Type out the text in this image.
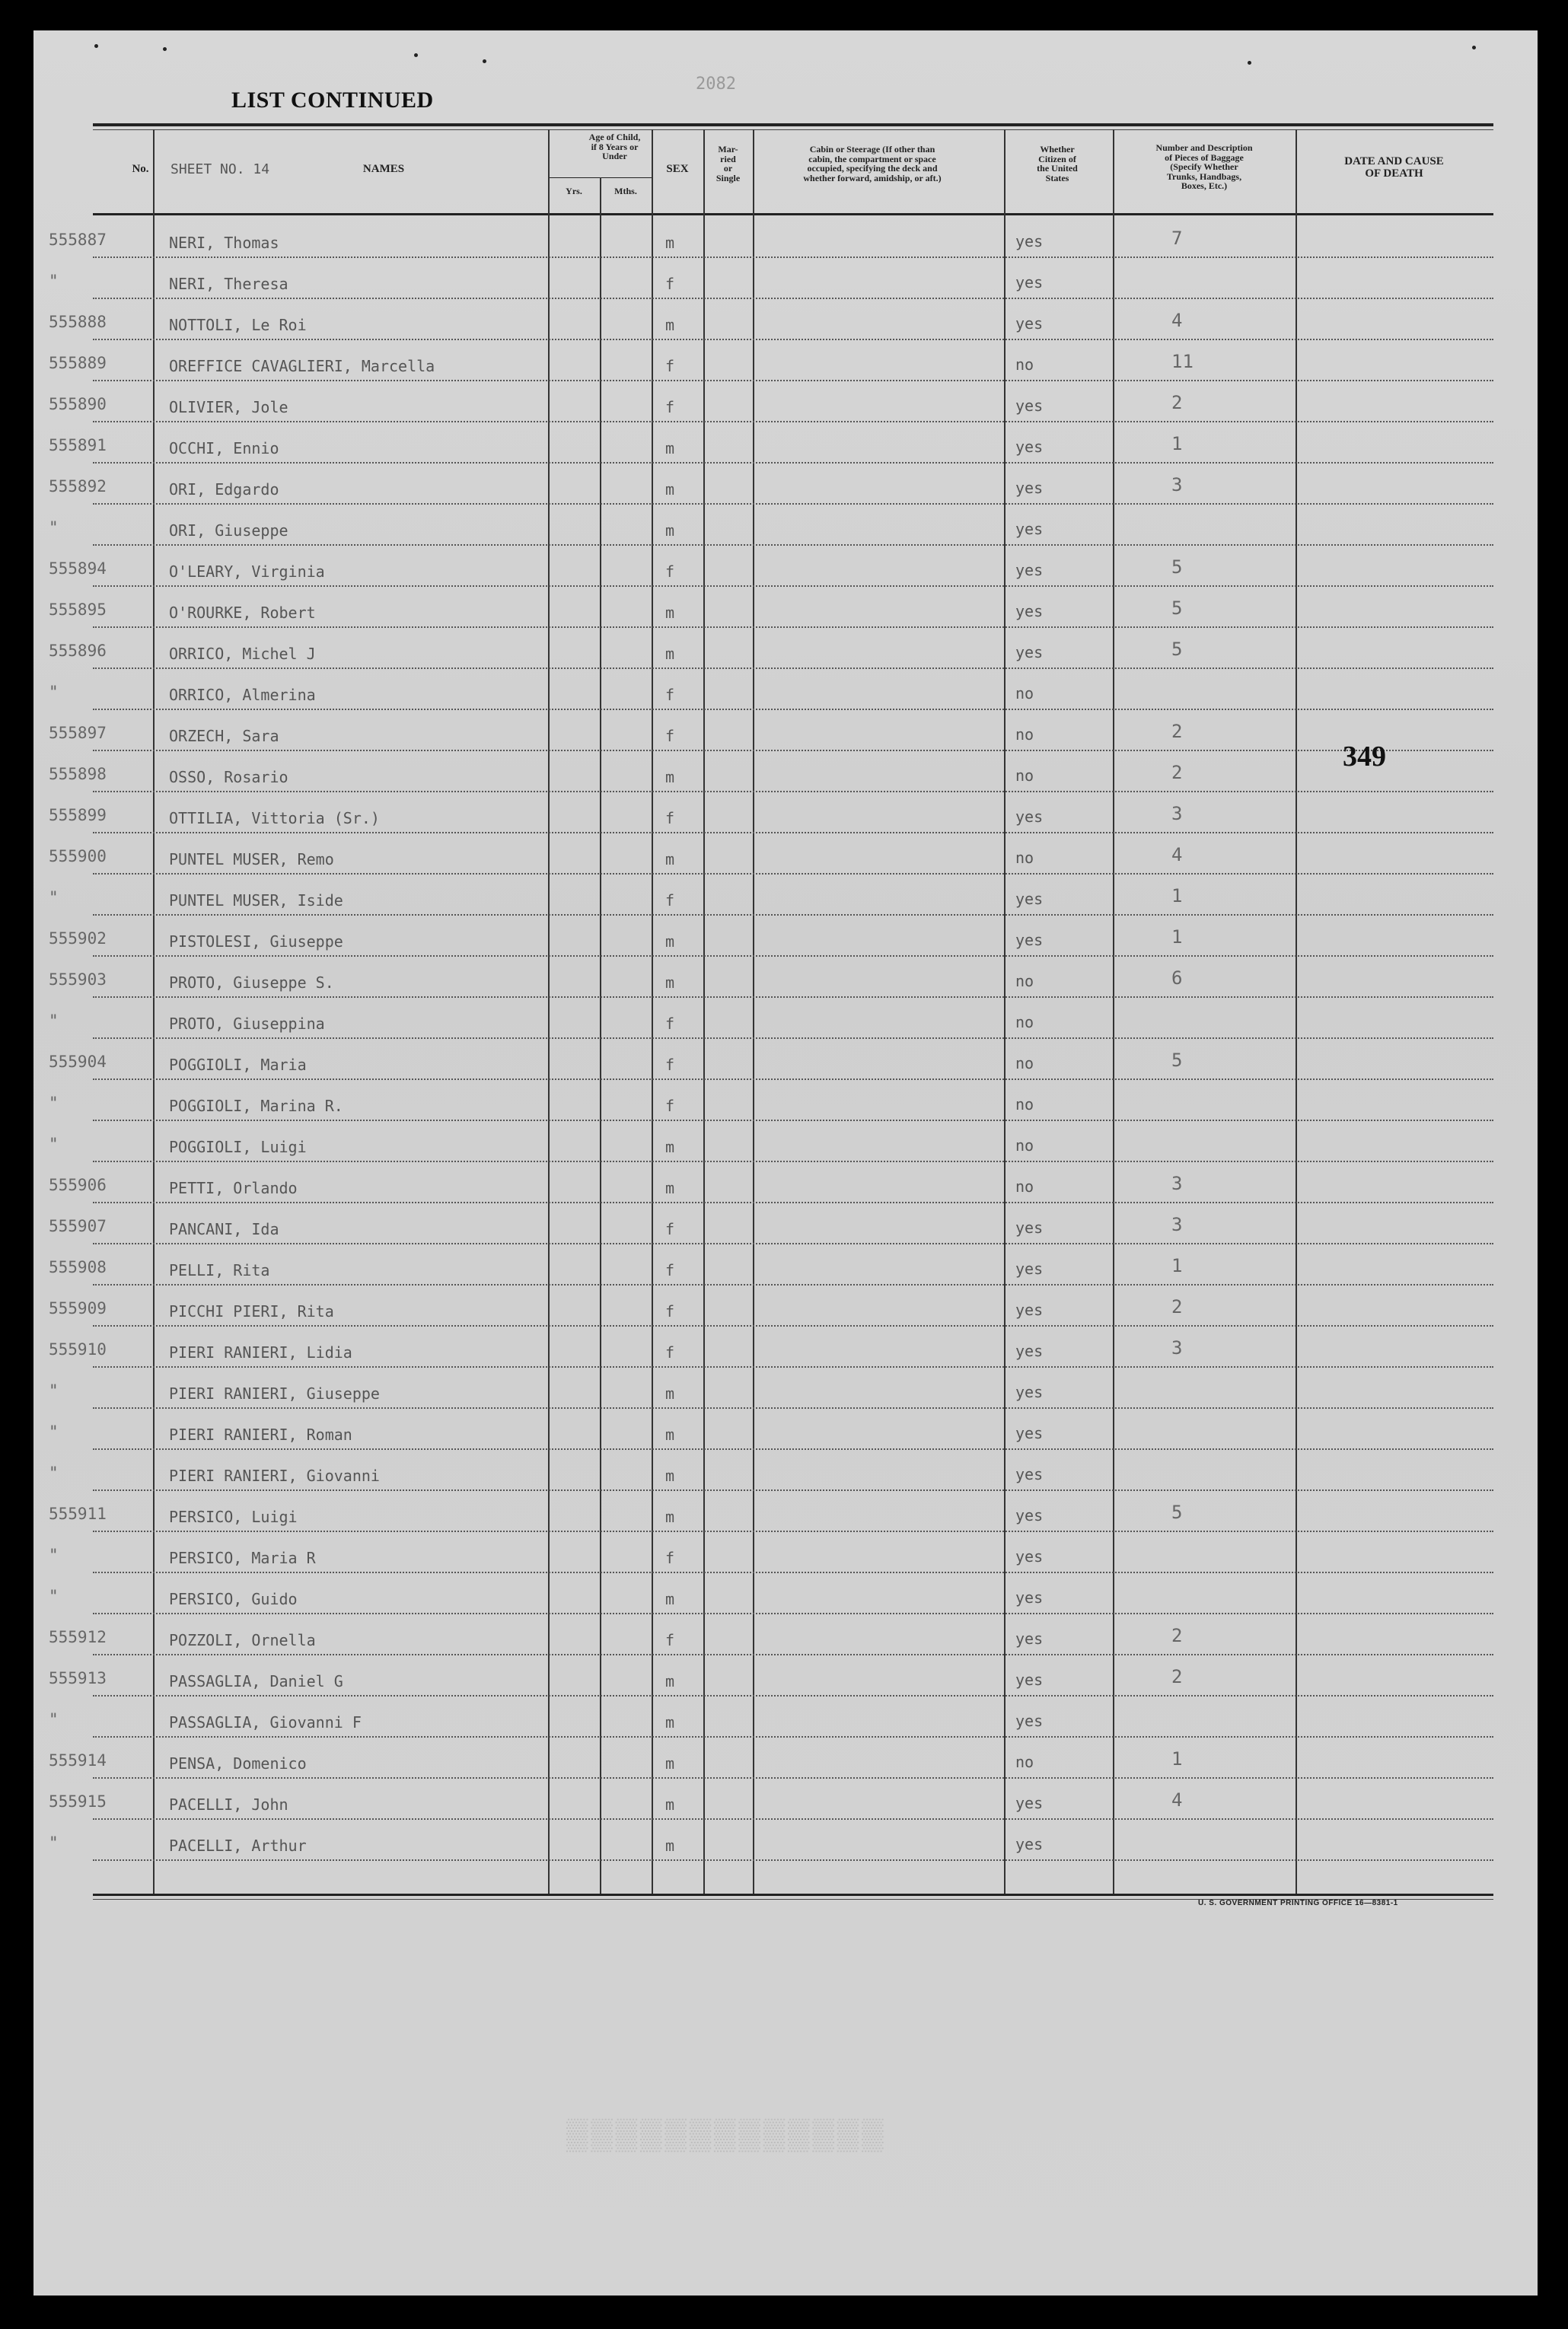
LIST CONTINUED
2082
No.	SHEET NO. 14	NAMES
Age of Child,
if 8 Years or
Under
Yrs.	Mths.
SEX
Mar-
ried
or
Single
Cabin or Steerage (If other than
cabin, the compartment or space
occupied, specifying the deck and
whether forward, amidship, or aft.)
Whether
Citizen of
the United
States
Number and Description
of Pieces of Baggage
(Specify Whether
Trunks, Handbags,
Boxes, Etc.)
DATE AND CAUSE
OF DEATH
555887	NERI, Thomas	m	yes	7
"	NERI, Theresa	f	yes
555888	NOTTOLI, Le Roi	m	yes	4
555889	OREFFICE CAVAGLIERI, Marcella	f	no	11
555890	OLIVIER, Jole	f	yes	2
555891	OCCHI, Ennio	m	yes	1
555892	ORI, Edgardo	m	yes	3
"	ORI, Giuseppe	m	yes
555894	O'LEARY, Virginia	f	yes	5
555895	O'ROURKE, Robert	m	yes	5
555896	ORRICO, Michel J	m	yes	5
"	ORRICO, Almerina	f	no
555897	ORZECH, Sara	f	no	2
555898	OSSO, Rosario	m	no	2
555899	OTTILIA, Vittoria (Sr.)	f	yes	3
555900	PUNTEL MUSER, Remo	m	no	4
"	PUNTEL MUSER, Iside	f	yes	1
555902	PISTOLESI, Giuseppe	m	yes	1
555903	PROTO, Giuseppe S.	m	no	6
"	PROTO, Giuseppina	f	no
555904	POGGIOLI, Maria	f	no	5
"	POGGIOLI, Marina R.	f	no
"	POGGIOLI, Luigi	m	no
555906	PETTI, Orlando	m	no	3
555907	PANCANI, Ida	f	yes	3
555908	PELLI, Rita	f	yes	1
555909	PICCHI PIERI, Rita	f	yes	2
555910	PIERI RANIERI, Lidia	f	yes	3
"	PIERI RANIERI, Giuseppe	m	yes
"	PIERI RANIERI, Roman	m	yes
"	PIERI RANIERI, Giovanni	m	yes
555911	PERSICO, Luigi	m	yes	5
"	PERSICO, Maria R	f	yes
"	PERSICO, Guido	m	yes
555912	POZZOLI, Ornella	f	yes	2
555913	PASSAGLIA, Daniel G	m	yes	2
"	PASSAGLIA, Giovanni F	m	yes
555914	PENSA, Domenico	m	no	1
555915	PACELLI, John	m	yes	4
"	PACELLI, Arthur	m	yes
349
U. S. GOVERNMENT PRINTING OFFICE 16—8381-1
▒▒▒▒▒▒▒▒▒▒▒▒▒
